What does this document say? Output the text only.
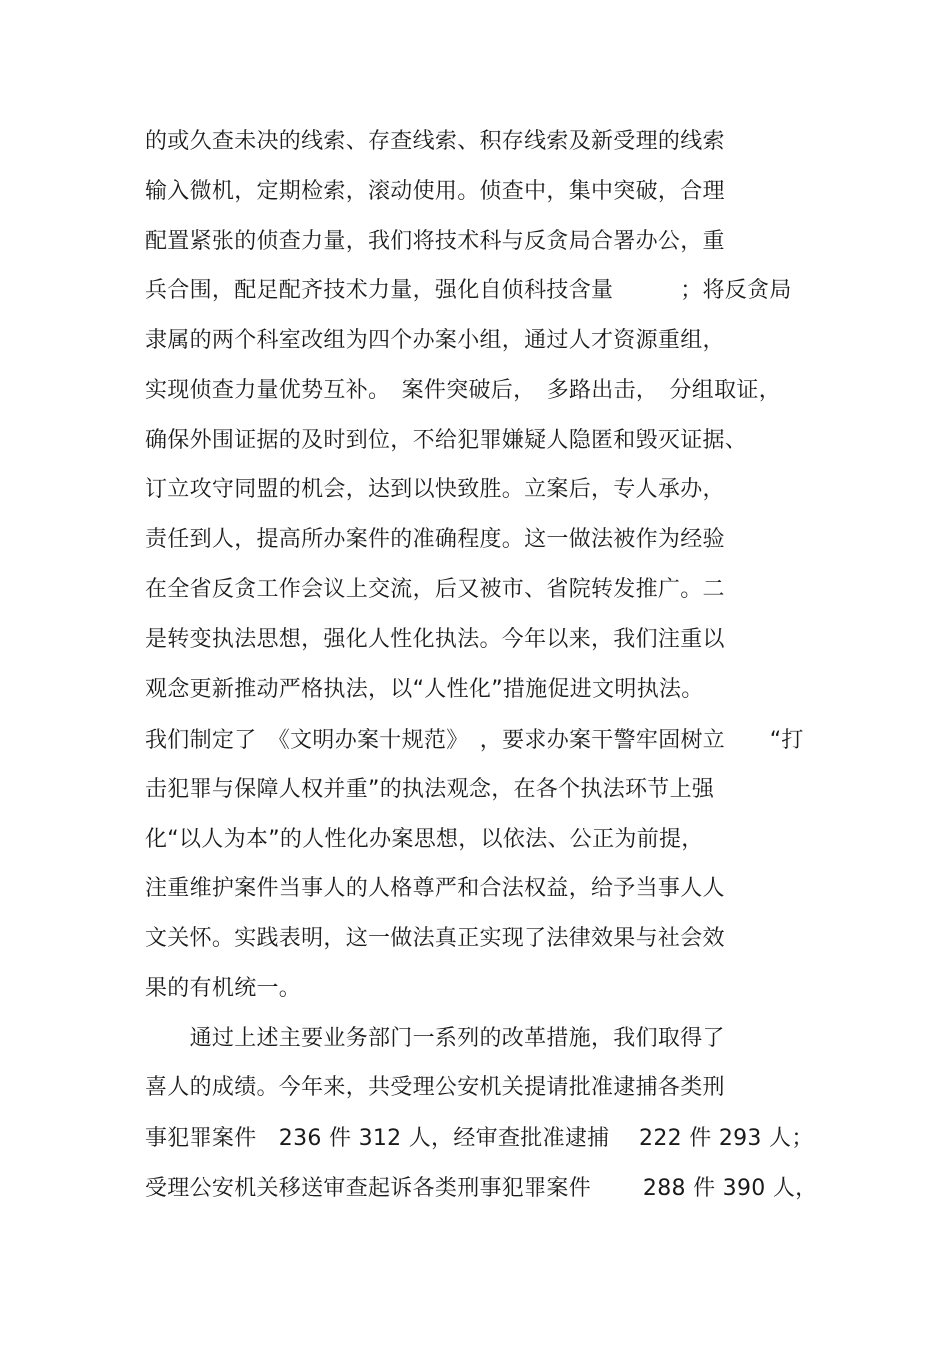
的或久查未决的线索、存查线索、积存线索及新受理的线索
输入微机，定期检索，滚动使用。侦查中，集中突破，合理
配置紧张的侦查力量，我们将技术科与反贪局合署办公，重
兵合围，配足配齐技术力量，强化自侦科技含量　　　；将反贪局
隶属的两个科室改组为四个办案小组，通过人才资源重组，
实现侦查力量优势互补。　案件突破后，　多路出击，　分组取证，
确保外围证据的及时到位，不给犯罪嫌疑人隐匿和毁灭证据、
订立攻守同盟的机会，达到以快致胜。立案后，专人承办，
责任到人，提高所办案件的准确程度。这一做法被作为经验
在全省反贪工作会议上交流，后又被市、省院转发推广。二
是转变执法思想，强化人性化执法。今年以来，我们注重以
观念更新推动严格执法，以“人性化”措施促进文明执法。
我们制定了　《文明办案十规范》　，要求办案干警牢固树立　　“打
击犯罪与保障人权并重”的执法观念，在各个执法环节上强
化“以人为本”的人性化办案思想，以依法、公正为前提，
注重维护案件当事人的人格尊严和合法权益，给予当事人人
文关怀。实践表明，这一做法真正实现了法律效果与社会效
果的有机统一。
　　通过上述主要业务部门一系列的改革措施，我们取得了
喜人的成绩。今年来，共受理公安机关提请批准逮捕各类刑
事犯罪案件　236 件 312 人，经审查批准逮捕　 222 件 293 人；
受理公安机关移送审查起诉各类刑事犯罪案件　　 288 件 390 人，
